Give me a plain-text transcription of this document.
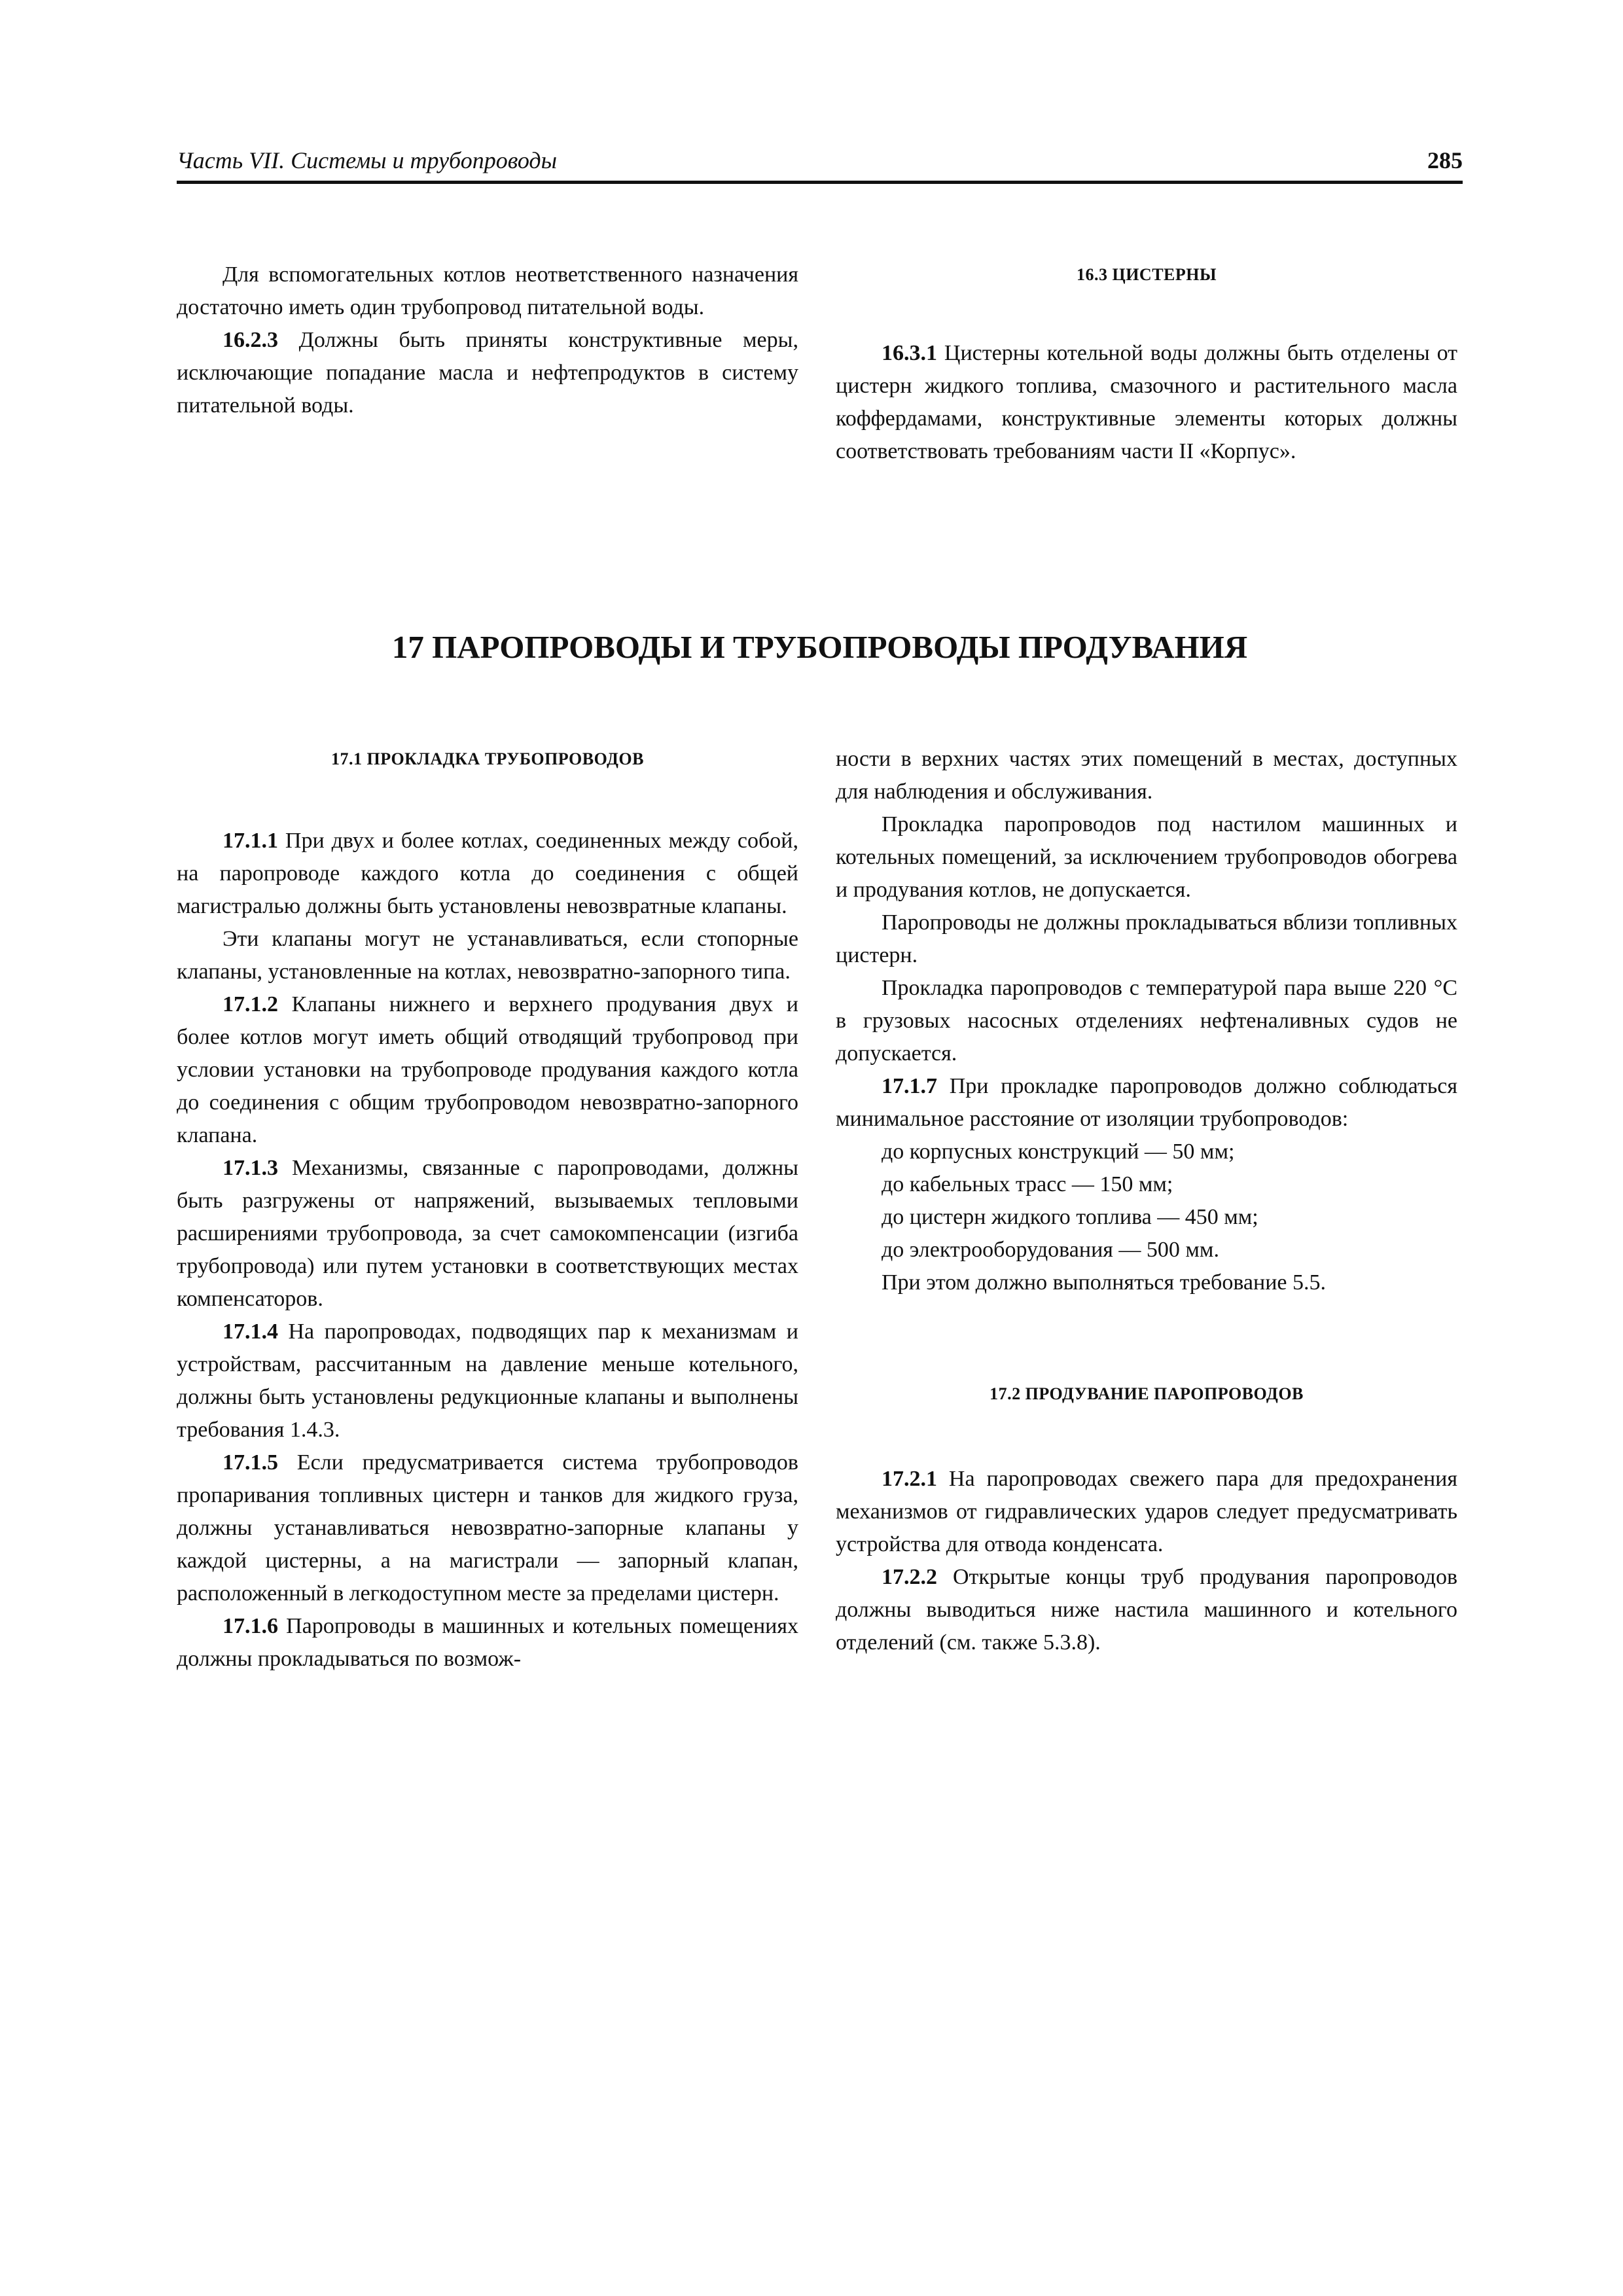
Часть VII. Системы и трубопроводы	285

Для вспомогательных котлов неответственного назначения достаточно иметь один трубопровод питательной воды.

16.2.3 Должны быть приняты конструктивные меры, исключающие попадание масла и нефтепродуктов в систему питательной воды.

16.3 ЦИСТЕРНЫ

16.3.1 Цистерны котельной воды должны быть отделены от цистерн жидкого топлива, смазочного и растительного масла коффердамами, конструктивные элементы которых должны соответствовать требованиям части II «Корпус».

17 ПАРОПРОВОДЫ И ТРУБОПРОВОДЫ ПРОДУВАНИЯ

17.1 ПРОКЛАДКА ТРУБОПРОВОДОВ

17.1.1 При двух и более котлах, соединенных между собой, на паропроводе каждого котла до соединения с общей магистралью должны быть установлены невозвратные клапаны.

Эти клапаны могут не устанавливаться, если стопорные клапаны, установленные на котлах, невозвратно-запорного типа.

17.1.2 Клапаны нижнего и верхнего продувания двух и более котлов могут иметь общий отводящий трубопровод при условии установки на трубопроводе продувания каждого котла до соединения с общим трубопроводом невозвратно-запорного клапана.

17.1.3 Механизмы, связанные с паропроводами, должны быть разгружены от напряжений, вызываемых тепловыми расширениями трубопровода, за счет самокомпенсации (изгиба трубопровода) или путем установки в соответствующих местах компенсаторов.

17.1.4 На паропроводах, подводящих пар к механизмам и устройствам, рассчитанным на давление меньше котельного, должны быть установлены редукционные клапаны и выполнены требования 1.4.3.

17.1.5 Если предусматривается система трубопроводов пропаривания топливных цистерн и танков для жидкого груза, должны устанавливаться невозвратно-запорные клапаны у каждой цистерны, а на магистрали — запорный клапан, расположенный в легкодоступном месте за пределами цистерн.

17.1.6 Паропроводы в машинных и котельных помещениях должны прокладываться по возмож-

ности в верхних частях этих помещений в местах, доступных для наблюдения и обслуживания.

Прокладка паропроводов под настилом машинных и котельных помещений, за исключением трубопроводов обогрева и продувания котлов, не допускается.

Паропроводы не должны прокладываться вблизи топливных цистерн.

Прокладка паропроводов с температурой пара выше 220 °С в грузовых насосных отделениях нефтеналивных судов не допускается.

17.1.7 При прокладке паропроводов должно соблюдаться минимальное расстояние от изоляции трубопроводов:

до корпусных конструкций — 50 мм;

до кабельных трасс — 150 мм;

до цистерн жидкого топлива — 450 мм;

до электрооборудования — 500 мм.

При этом должно выполняться требование 5.5.

17.2 ПРОДУВАНИЕ ПАРОПРОВОДОВ

17.2.1 На паропроводах свежего пара для предохранения механизмов от гидравлических ударов следует предусматривать устройства для отвода конденсата.

17.2.2 Открытые концы труб продувания паропроводов должны выводиться ниже настила машинного и котельного отделений (см. также 5.3.8).
